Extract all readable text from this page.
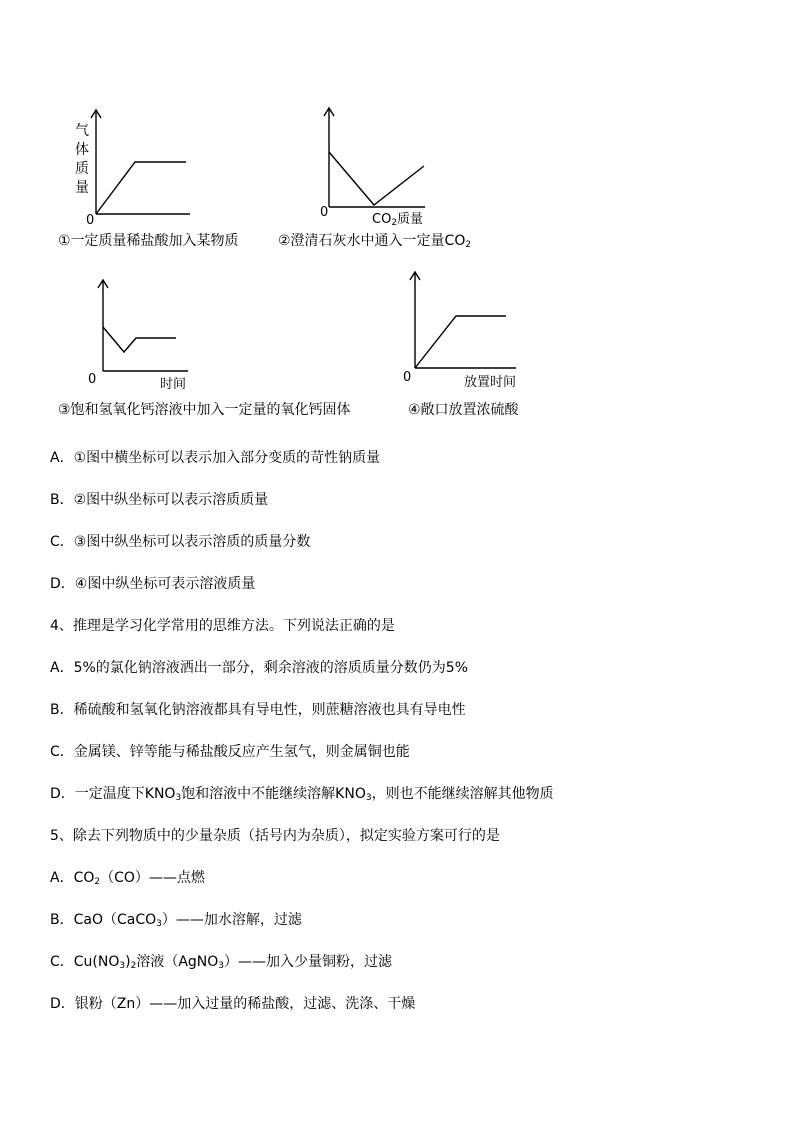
气体质量
0
①一定质量稀盐酸加入某物质
0	$CO_2$质量
②澄清石灰水中通入一定量$CO_2$
0	时间
③饱和氢氧化钙溶液中加入一定量的氧化钙固体
0	放置时间
④敞口放置浓硫酸
A．①图中横坐标可以表示加入部分变质的苛性钠质量
B．②图中纵坐标可以表示溶质质量
C．③图中纵坐标可以表示溶质的质量分数
D．④图中纵坐标可表示溶液质量
4、推理是学习化学常用的思维方法。下列说法正确的是
A．5%的氯化钠溶液洒出一部分，剩余溶液的溶质质量分数仍为5%
B．稀硫酸和氢氧化钠溶液都具有导电性，则蔗糖溶液也具有导电性
C．金属镁、锌等能与稀盐酸反应产生氢气，则金属铜也能
D．一定温度下$KNO_3$饱和溶液中不能继续溶解$KNO_3$，则也不能继续溶解其他物质
5、除去下列物质中的少量杂质（括号内为杂质），拟定实验方案可行的是
A．$CO_2(CO)——$点燃
B．CaO（CaCO$_3$）——加水溶解，过滤
C．$Cu(NO_3)_2$溶液（AgNO$_3$）——加入少量铜粉，过滤
D．银粉（Zn）——加入过量的稀盐酸，过滤、洗涤、干燥
